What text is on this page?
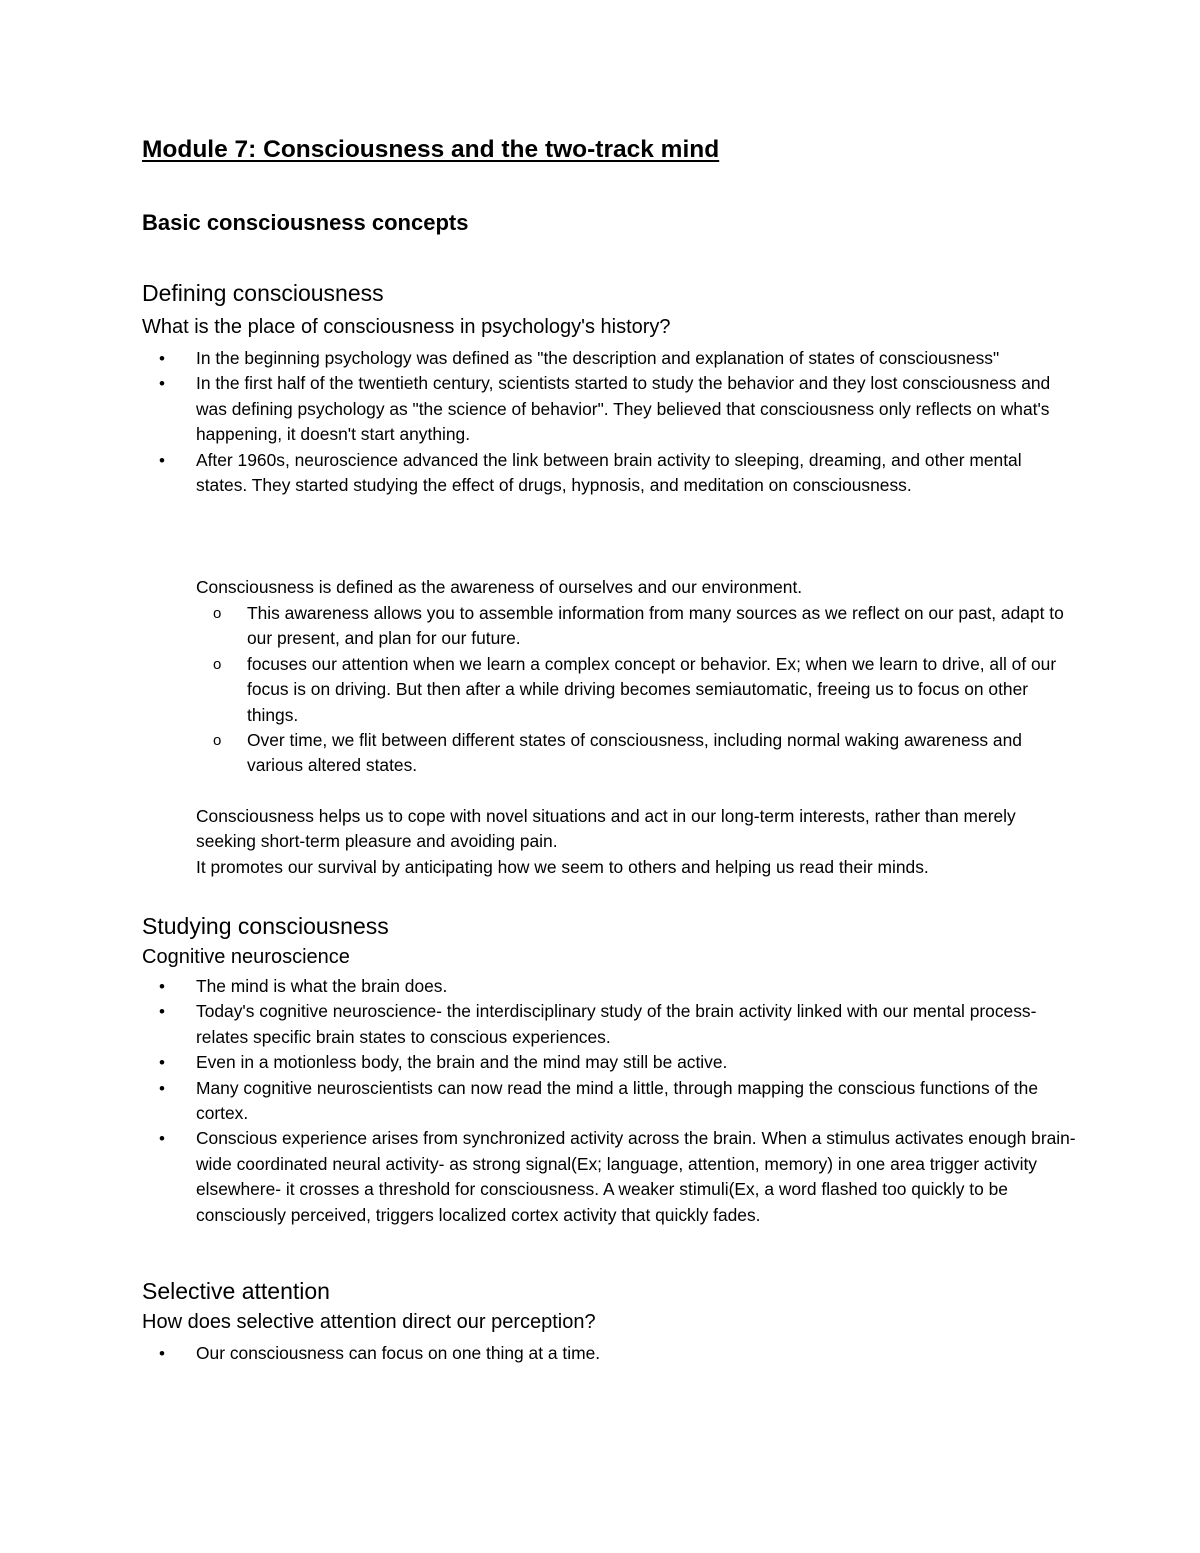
Module 7: Consciousness and the two-track mind
Basic consciousness concepts
Defining consciousness
What is the place of consciousness in psychology's history?
• In the beginning psychology was defined as "the description and explanation of states of consciousness"
• In the first half of the twentieth century, scientists started to study the behavior and they lost consciousness and was defining psychology as "the science of behavior". They believed that consciousness only reflects on what's happening, it doesn't start anything.
• After 1960s, neuroscience advanced the link between brain activity to sleeping, dreaming, and other mental states. They started studying the effect of drugs, hypnosis, and meditation on consciousness.
Consciousness is defined as the awareness of ourselves and our environment.
o This awareness allows you to assemble information from many sources as we reflect on our past, adapt to our present, and plan for our future.
o focuses our attention when we learn a complex concept or behavior. Ex; when we learn to drive, all of our focus is on driving. But then after a while driving becomes semiautomatic, freeing us to focus on other things.
o Over time, we flit between different states of consciousness, including normal waking awareness and various altered states.
Consciousness helps us to cope with novel situations and act in our long-term interests, rather than merely seeking short-term pleasure and avoiding pain.
It promotes our survival by anticipating how we seem to others and helping us read their minds.
Studying consciousness
Cognitive neuroscience
• The mind is what the brain does.
• Today's cognitive neuroscience- the interdisciplinary study of the brain activity linked with our mental process- relates specific brain states to conscious experiences.
• Even in a motionless body, the brain and the mind may still be active.
• Many cognitive neuroscientists can now read the mind a little, through mapping the conscious functions of the cortex.
• Conscious experience arises from synchronized activity across the brain. When a stimulus activates enough brain-wide coordinated neural activity- as strong signal(Ex; language, attention, memory) in one area trigger activity elsewhere- it crosses a threshold for consciousness. A weaker stimuli(Ex, a word flashed too quickly to be consciously perceived, triggers localized cortex activity that quickly fades.
Selective attention
How does selective attention direct our perception?
• Our consciousness can focus on one thing at a time.
